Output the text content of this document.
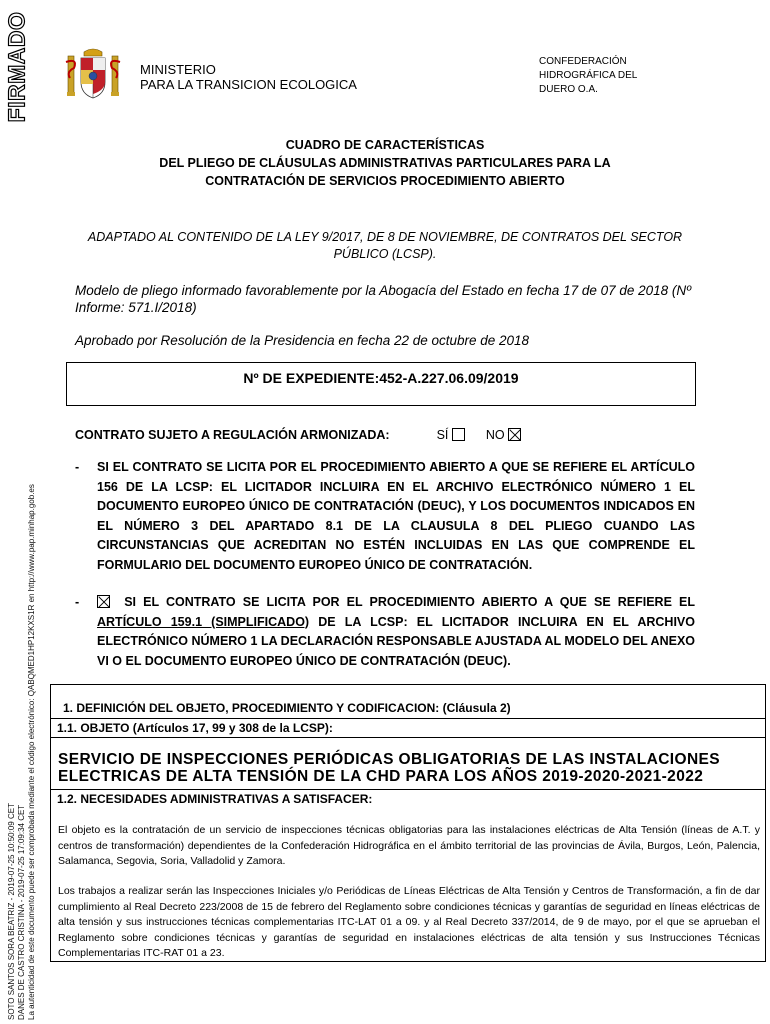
FIRMADO
SOTO SANTOS SORA BEATRIZ - 2019-07-25 10:50:09 CET DANES DE CASTRO CRISTINA - 2019-07-25 17:09:34 CET La autenticidad de este documento puede ser comprobada mediante el código electrónico: QABQMED1HP12KXS1R en http://www.pap.minhap.gob.es
MINISTERIO
PARA LA TRANSICION ECOLOGICA
CONFEDERACIÓN
HIDROGRÁFICA DEL
DUERO O.A.
CUADRO DE CARACTERÍSTICAS
DEL PLIEGO DE CLÁUSULAS ADMINISTRATIVAS PARTICULARES PARA LA
CONTRATACIÓN DE SERVICIOS PROCEDIMIENTO ABIERTO
ADAPTADO AL CONTENIDO DE LA LEY 9/2017, DE 8 DE NOVIEMBRE, DE CONTRATOS DEL SECTOR PÚBLICO (LCSP).
Modelo de pliego informado favorablemente por la Abogacía del Estado en fecha 17 de 07 de 2018 (Nº Informe: 571.I/2018)
Aprobado por Resolución de la Presidencia en fecha 22 de octubre de 2018
Nº DE EXPEDIENTE:452-A.227.06.09/2019
CONTRATO SUJETO A REGULACIÓN ARMONIZADA:	SÍ	NO
- SI EL CONTRATO SE LICITA POR EL PROCEDIMIENTO ABIERTO A QUE SE REFIERE EL ARTÍCULO 156 DE LA LCSP: EL LICITADOR INCLUIRA EN EL ARCHIVO ELECTRÓNICO NÚMERO 1 EL DOCUMENTO EUROPEO ÚNICO DE CONTRATACIÓN (DEUC), Y LOS DOCUMENTOS INDICADOS EN EL NÚMERO 3 DEL APARTADO 8.1 DE LA CLAUSULA 8 DEL PLIEGO CUANDO LAS CIRCUNSTANCIAS QUE ACREDITAN NO ESTÉN INCLUIDAS EN LAS QUE COMPRENDE EL FORMULARIO DEL DOCUMENTO EUROPEO ÚNICO DE CONTRATACIÓN.
-	SI EL CONTRATO SE LICITA POR EL PROCEDIMIENTO ABIERTO A QUE SE REFIERE EL ARTÍCULO 159.1 (SIMPLIFICADO) DE LA LCSP: EL LICITADOR INCLUIRA EN EL ARCHIVO ELECTRÓNICO NÚMERO 1 LA DECLARACIÓN RESPONSABLE AJUSTADA AL MODELO DEL ANEXO VI O EL DOCUMENTO EUROPEO ÚNICO DE CONTRATACIÓN (DEUC).
1. DEFINICIÓN DEL OBJETO, PROCEDIMIENTO Y CODIFICACION: (Cláusula 2)
1.1. OBJETO (Artículos 17, 99 y 308 de la LCSP):
SERVICIO DE INSPECCIONES PERIÓDICAS OBLIGATORIAS DE LAS INSTALACIONES ELECTRICAS DE ALTA TENSIÓN DE LA CHD PARA LOS AÑOS 2019-2020-2021-2022
1.2. NECESIDADES ADMINISTRATIVAS A SATISFACER:
El objeto es la contratación de un servicio de inspecciones técnicas obligatorias para las instalaciones eléctricas de Alta Tensión (líneas de A.T. y centros de transformación) dependientes de la Confederación Hidrográfica en el ámbito territorial de las provincias de Ávila, Burgos, León, Palencia, Salamanca, Segovia, Soria, Valladolid y Zamora.
Los trabajos a realizar serán las Inspecciones Iniciales y/o Periódicas de Líneas Eléctricas de Alta Tensión y Centros de Transformación, a fin de dar cumplimiento al Real Decreto 223/2008 de 15 de febrero del Reglamento sobre condiciones técnicas y garantías de seguridad en líneas eléctricas de alta tensión y sus instrucciones técnicas complementarias ITC-LAT 01 a 09. y al Real Decreto 337/2014, de 9 de mayo, por el que se aprueban el Reglamento sobre condiciones técnicas y garantías de seguridad en instalaciones eléctricas de alta tensión y sus Instrucciones Técnicas Complementarias ITC-RAT 01 a 23.
